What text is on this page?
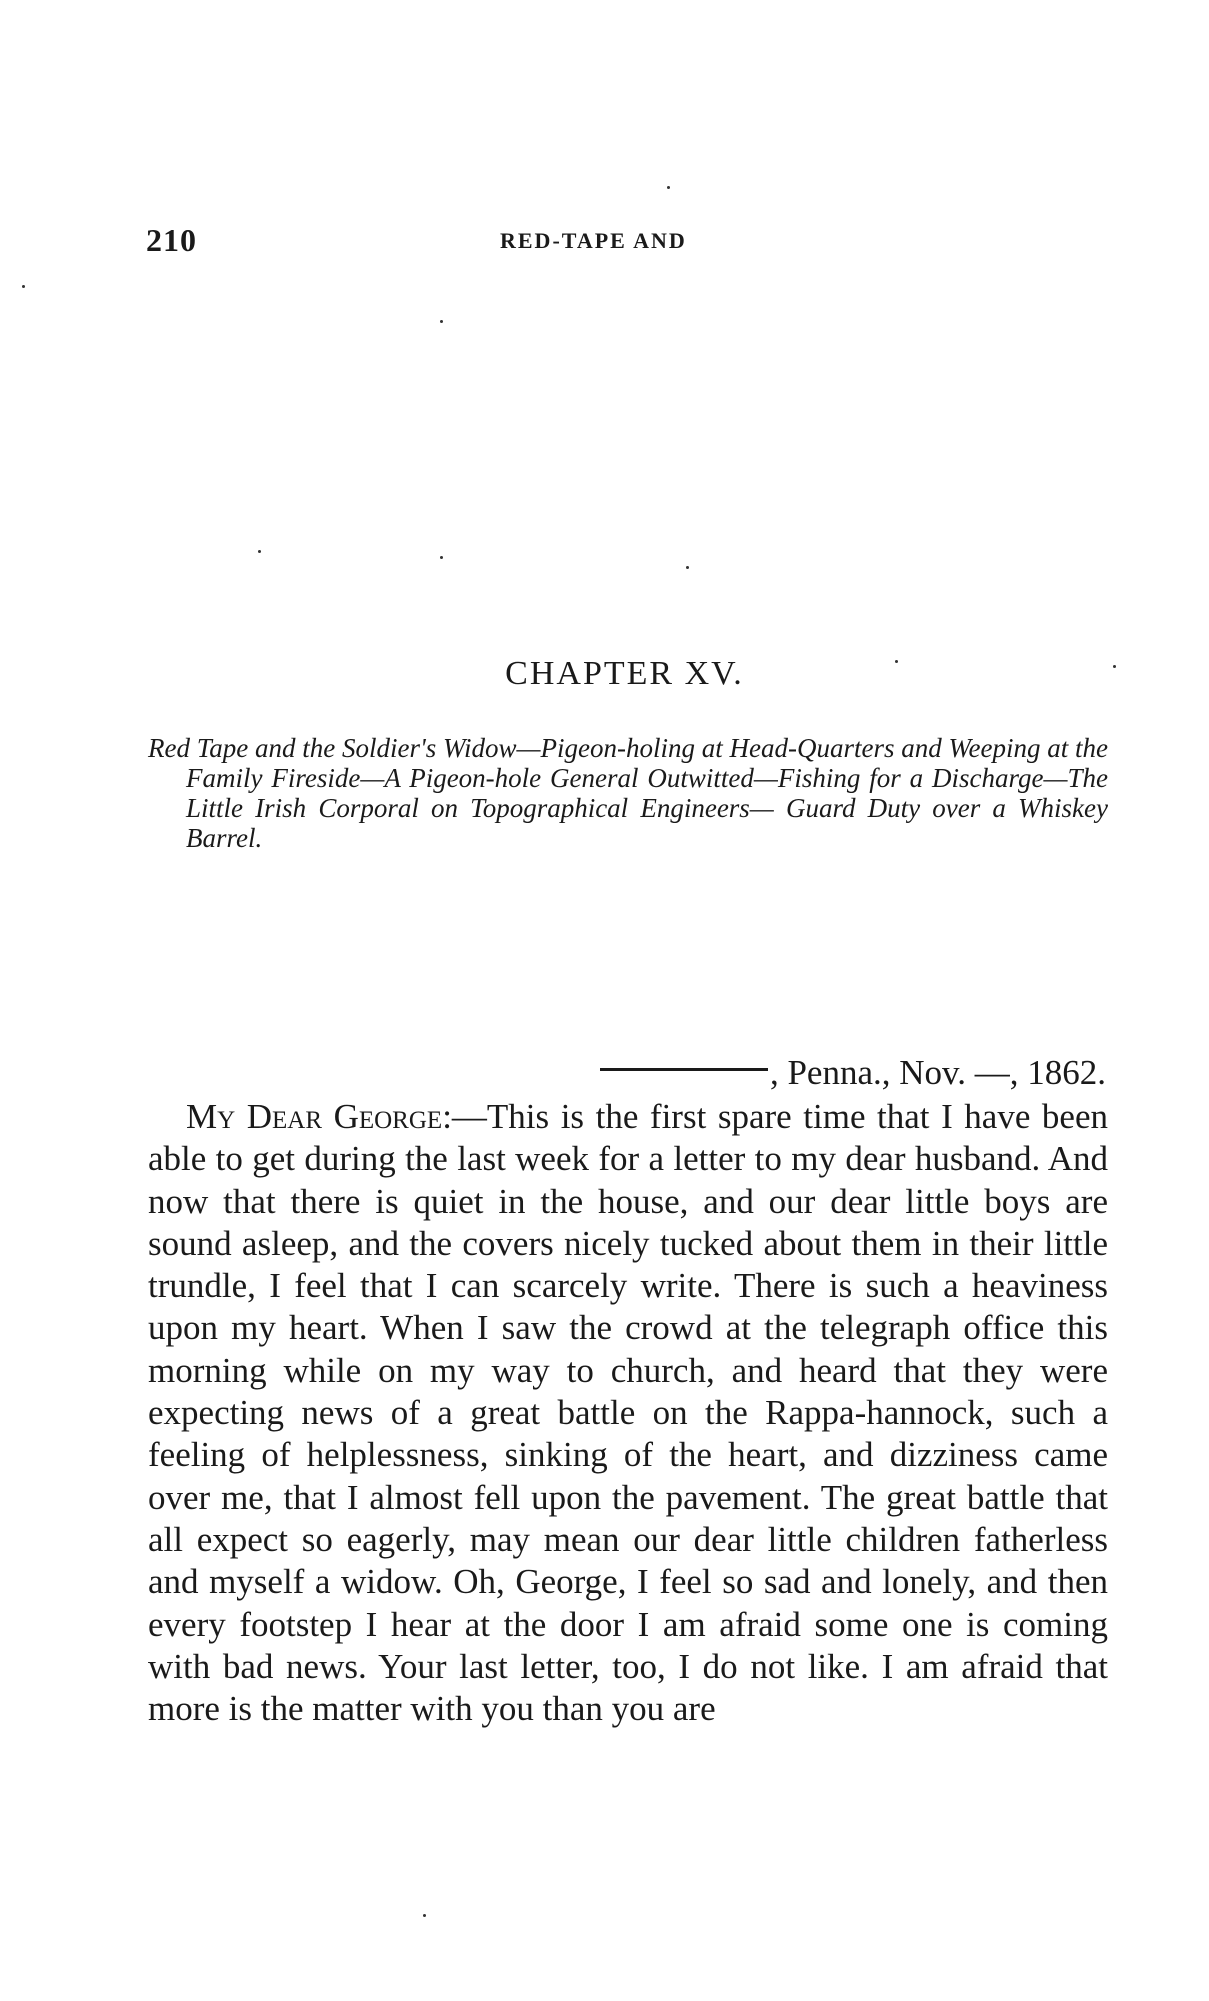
210	RED-TAPE AND
CHAPTER XV.
Red Tape and the Soldier's Widow—Pigeon-holing at Head-Quarters and Weeping at the Family Fireside—A Pigeon-hole General Outwitted—Fishing for a Discharge—The Little Irish Corporal on Topographical Engineers— Guard Duty over a Whiskey Barrel.
, Penna., Nov. —, 1862.
My Dear George:—This is the first spare time that I have been able to get during the last week for a letter to my dear husband. And now that there is quiet in the house, and our dear little boys are sound asleep, and the covers nicely tucked about them in their little trundle, I feel that I can scarcely write. There is such a heaviness upon my heart. When I saw the crowd at the telegraph office this morning while on my way to church, and heard that they were expecting news of a great battle on the Rappa-hannock, such a feeling of helplessness, sinking of the heart, and dizziness came over me, that I almost fell upon the pavement. The great battle that all expect so eagerly, may mean our dear little children fatherless and myself a widow. Oh, George, I feel so sad and lonely, and then every footstep I hear at the door I am afraid some one is coming with bad news. Your last letter, too, I do not like. I am afraid that more is the matter with you than you are
